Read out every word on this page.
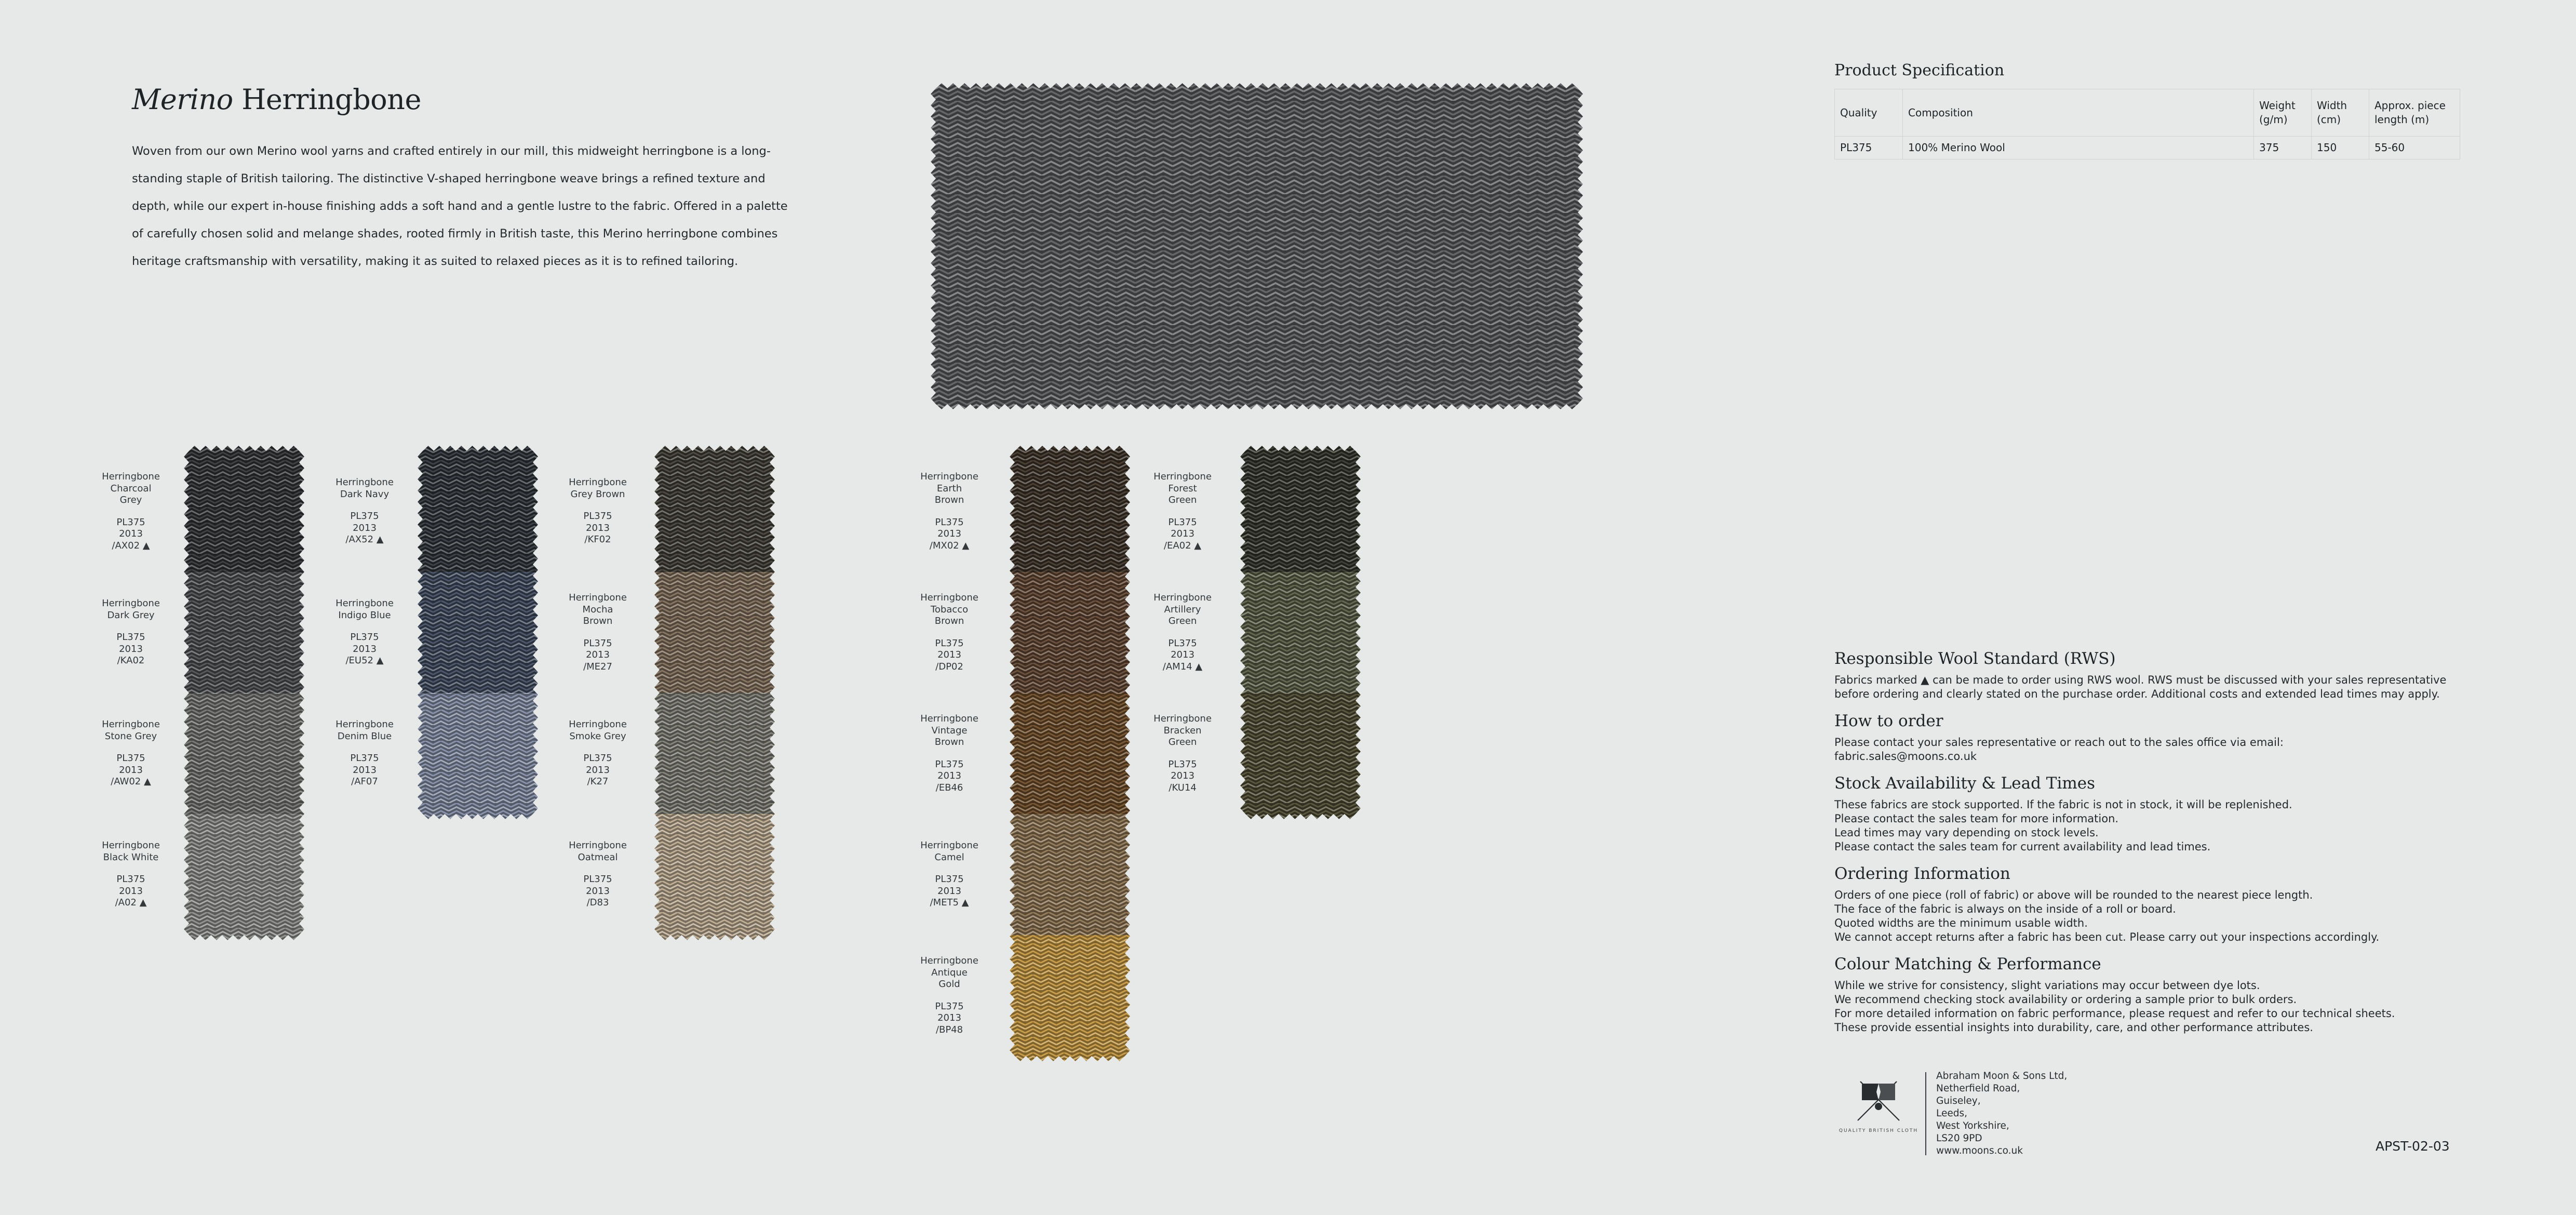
Merino Herringbone

Woven from our own Merino wool yarns and crafted entirely in our mill, this midweight herringbone is a long-standing staple of British tailoring. The distinctive V-shaped herringbone weave brings a refined texture and depth, while our expert in-house finishing adds a soft hand and a gentle lustre to the fabric. Offered in a palette of carefully chosen solid and melange shades, rooted firmly in British taste, this Merino herringbone combines heritage craftsmanship with versatility, making it as suited to relaxed pieces as it is to refined tailoring.

Product Specification
Quality	Composition	Weight (g/m)	Width (cm)	Approx. piece length (m)
PL375	100% Merino Wool	375	150	55-60
Responsible Wool Standard (RWS)

Fabrics marked ▲ can be made to order using RWS wool. RWS must be discussed with your sales representative before ordering and clearly stated on the purchase order. Additional costs and extended lead times may apply.

How to order

Please contact your sales representative or reach out to the sales office via email:
fabric.sales@moons.co.uk

Stock Availability & Lead Times

These fabrics are stock supported. If the fabric is not in stock, it will be replenished.
Please contact the sales team for more information.
Lead times may vary depending on stock levels.
Please contact the sales team for current availability and lead times.

Ordering Information

Orders of one piece (roll of fabric) or above will be rounded to the nearest piece length.
The face of the fabric is always on the inside of a roll or board.
Quoted widths are the minimum usable width.
We cannot accept returns after a fabric has been cut. Please carry out your inspections accordingly.

Colour Matching & Performance

While we strive for consistency, slight variations may occur between dye lots.
We recommend checking stock availability or ordering a sample prior to bulk orders.
For more detailed information on fabric performance, please request and refer to our technical sheets.
These provide essential insights into durability, care, and other performance attributes.

QUALITY BRITISH CLOTH
Abraham Moon & Sons Ltd,
Netherfield Road,
Guiseley,
Leeds,
West Yorkshire,
LS20 9PD
www.moons.co.uk	APST-02-03
Herringbone
Charcoal
Grey
PL375
2013
/AX02 ▲
Herringbone
Dark Grey
PL375
2013
/KA02
Herringbone
Stone Grey
PL375
2013
/AW02 ▲
Herringbone
Black White
PL375
2013
/A02 ▲
Herringbone
Dark Navy
PL375
2013
/AX52 ▲
Herringbone
Indigo Blue
PL375
2013
/EU52 ▲
Herringbone
Denim Blue
PL375
2013
/AF07
Herringbone
Grey Brown
PL375
2013
/KF02
Herringbone
Mocha
Brown
PL375
2013
/ME27
Herringbone
Smoke Grey
PL375
2013
/K27
Herringbone
Oatmeal
PL375
2013
/D83
Herringbone
Earth
Brown
PL375
2013
/MX02 ▲
Herringbone
Tobacco
Brown
PL375
2013
/DP02
Herringbone
Vintage
Brown
PL375
2013
/EB46
Herringbone
Camel
PL375
2013
/MET5 ▲
Herringbone
Antique
Gold
PL375
2013
/BP48
Herringbone
Forest
Green
PL375
2013
/EA02 ▲
Herringbone
Artillery
Green
PL375
2013
/AM14 ▲
Herringbone
Bracken
Green
PL375
2013
/KU14
